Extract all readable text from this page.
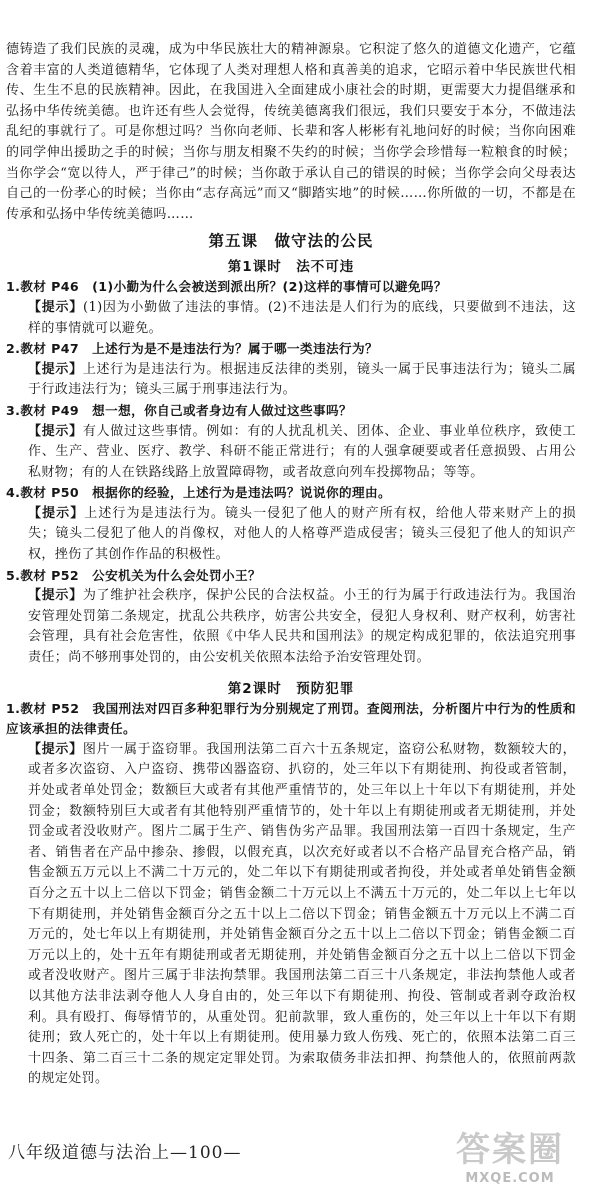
德铸造了我们民族的灵魂，成为中华民族壮大的精神源泉。它积淀了悠久的道德文化遗产，它蕴含着丰富的人类道德精华，它体现了人类对理想人格和真善美的追求，它昭示着中华民族世代相传、生生不息的民族精神。因此，在我国进入全面建成小康社会的时期，更需要大力提倡继承和弘扬中华传统美德。也许还有些人会觉得，传统美德离我们很远，我们只要安于本分，不做违法乱纪的事就行了。可是你想过吗？当你向老师、长辈和客人彬彬有礼地问好的时候；当你向困难的同学伸出援助之手的时候；当你与朋友相聚不失约的时候；当你学会珍惜每一粒粮食的时候；当你学会“宽以待人，严于律己”的时候；当你敢于承认自己的错误的时候；当你学会向父母表达自己的一份孝心的时候；当你由“志存高远”而又“脚踏实地”的时候……你所做的一切，不都是在传承和弘扬中华传统美德吗……

第五课　做守法的公民
第1课时　法不可违
1.教材 P46　 (1)小勤为什么会被送到派出所？(2)这样的事情可以避免吗？
【提示】(1)因为小勤做了违法的事情。(2)不违法是人们行为的底线，只要做到不违法，这样的事情就可以避免。
2.教材 P47　 上述行为是不是违法行为？属于哪一类违法行为？
【提示】上述行为是违法行为。根据违反法律的类别，镜头一属于民事违法行为；镜头二属于行政违法行为；镜头三属于刑事违法行为。
3.教材 P49　 想一想，你自己或者身边有人做过这些事吗？
【提示】有人做过这些事情。例如：有的人扰乱机关、团体、企业、事业单位秩序，致使工作、生产、营业、医疗、教学、科研不能正常进行；有的人强拿硬要或者任意损毁、占用公私财物；有的人在铁路线路上放置障碍物，或者故意向列车投掷物品；等等。
4.教材 P50　 根据你的经验，上述行为是违法吗？说说你的理由。
【提示】上述行为是违法行为。镜头一侵犯了他人的财产所有权，给他人带来财产上的损失；镜头二侵犯了他人的肖像权，对他人的人格尊严造成侵害；镜头三侵犯了他人的知识产权，挫伤了其创作作品的积极性。
5.教材 P52　 公安机关为什么会处罚小王？
【提示】为了维护社会秩序，保护公民的合法权益。小王的行为属于行政违法行为。我国治安管理处罚第二条规定，扰乱公共秩序，妨害公共安全，侵犯人身权利、财产权利，妨害社会管理，具有社会危害性，依照《中华人民共和国刑法》的规定构成犯罪的，依法追究刑事责任；尚不够刑事处罚的，由公安机关依照本法给予治安管理处罚。
第2课时　预防犯罪
1.教材 P52　 我国刑法对四百多种犯罪行为分别规定了刑罚。查阅刑法，分析图片中行为的性质和应该承担的法律责任。
【提示】图片一属于盗窃罪。我国刑法第二百六十五条规定，盗窃公私财物，数额较大的，或者多次盗窃、入户盗窃、携带凶器盗窃、扒窃的，处三年以下有期徒刑、拘役或者管制，并处或者单处罚金；数额巨大或者有其他严重情节的，处三年以上十年以下有期徒刑，并处罚金；数额特别巨大或者有其他特别严重情节的，处十年以上有期徒刑或者无期徒刑，并处罚金或者没收财产。图片二属于生产、销售伪劣产品罪。我国刑法第一百四十条规定，生产者、销售者在产品中掺杂、掺假，以假充真，以次充好或者以不合格产品冒充合格产品，销售金额五万元以上不满二十万元的，处二年以下有期徒刑或者拘役，并处或者单处销售金额百分之五十以上二倍以下罚金；销售金额二十万元以上不满五十万元的，处二年以上七年以下有期徒刑，并处销售金额百分之五十以上二倍以下罚金；销售金额五十万元以上不满二百万元的，处七年以上有期徒刑，并处销售金额百分之五十以上二倍以下罚金；销售金额二百万元以上的，处十五年有期徒刑或者无期徒刑，并处销售金额百分之五十以上二倍以下罚金或者没收财产。图片三属于非法拘禁罪。我国刑法第二百三十八条规定，非法拘禁他人或者以其他方法非法剥夺他人人身自由的，处三年以下有期徒刑、拘役、管制或者剥夺政治权利。具有殴打、侮辱情节的，从重处罚。犯前款罪，致人重伤的，处三年以上十年以下有期徒刑；致人死亡的，处十年以上有期徒刑。使用暴力致人伤残、死亡的，依照本法第二百三十四条、第二百三十二条的规定定罪处罚。为索取债务非法扣押、拘禁他人的，依照前两款的规定处罚。
八年级道德与法治上—100—	答案圈
MXQE.COM
